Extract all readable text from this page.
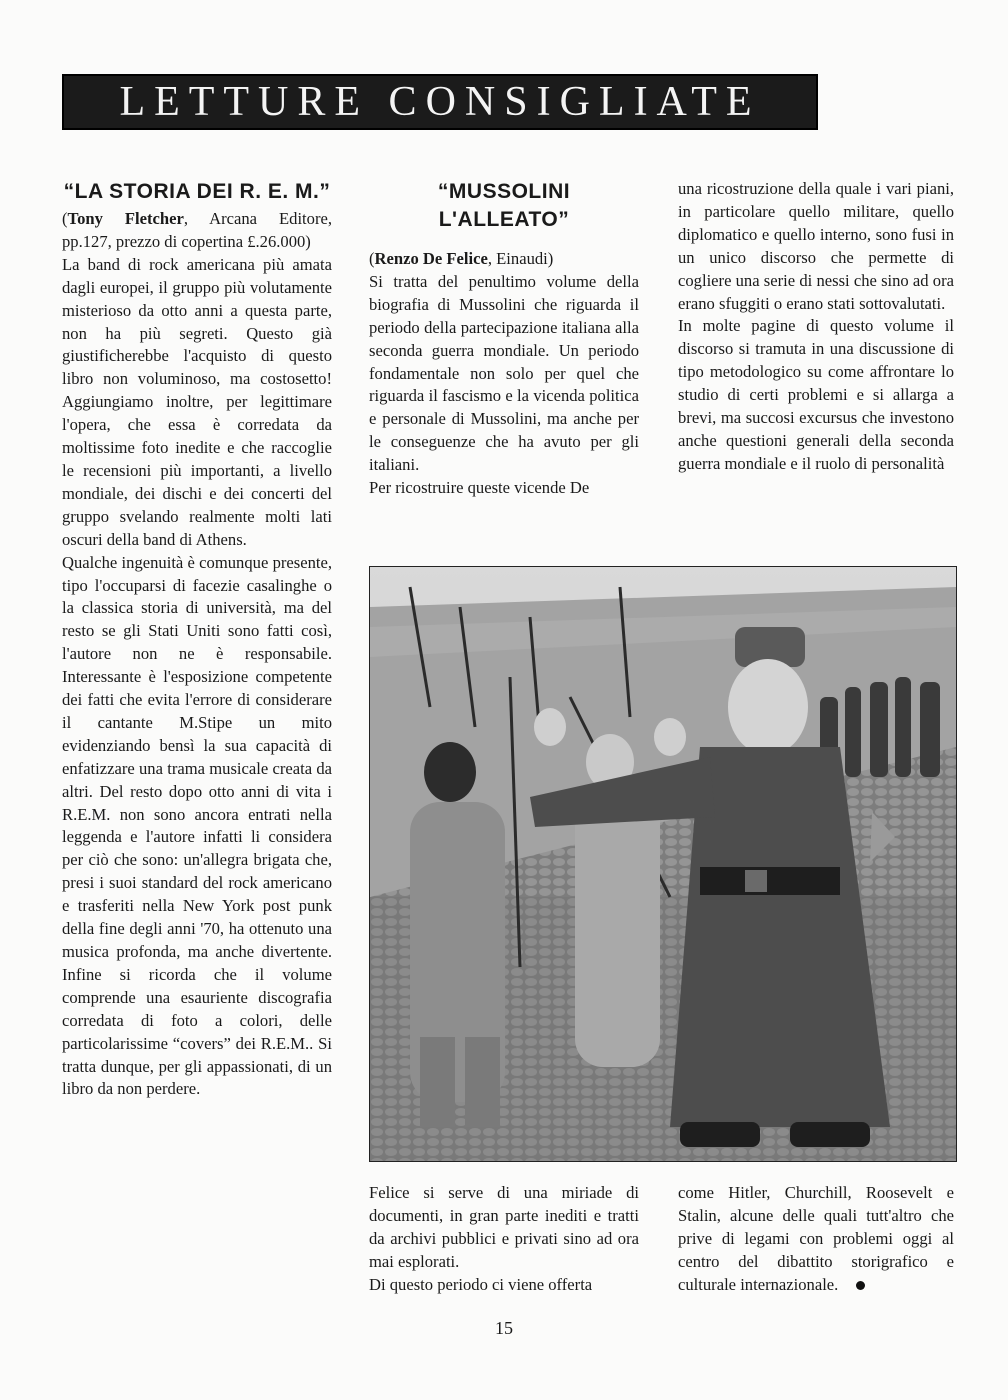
LETTURE CONSIGLIATE
“LA STORIA DEI R. E. M.”

(Tony Fletcher, Arcana Editore, pp.127, prezzo di copertina £.26.000)

La band di rock americana più amata dagli europei, il gruppo più volutamente misterioso da otto anni a questa parte, non ha più segreti. Questo già giustificherebbe l'acquisto di questo libro non voluminoso, ma costosetto! Aggiungiamo inoltre, per legittimare l'opera, che essa è corredata da moltissime foto inedite e che raccoglie le recensioni più importanti, a livello mondiale, dei dischi e dei concerti del gruppo svelando realmente molti lati oscuri della band di Athens.

Qualche ingenuità è comunque presente, tipo l'occuparsi di facezie casalinghe o la classica storia di università, ma del resto se gli Stati Uniti sono fatti così, l'autore non ne è responsabile. Interessante è l'esposizione competente dei fatti che evita l'errore di considerare il cantante M.Stipe un mito evidenziando bensì la sua capacità di enfatizzare una trama musicale creata da altri. Del resto dopo otto anni di vita i R.E.M. non sono ancora entrati nella leggenda e l'autore infatti li considera per ciò che sono: un'allegra brigata che, presi i suoi standard del rock americano e trasferiti nella New York post punk della fine degli anni '70, ha ottenuto una musica profonda, ma anche divertente. Infine si ricorda che il volume comprende una esauriente discografia corredata di foto a colori, delle particolarissime “covers” dei R.E.M.. Si tratta dunque, per gli appassionati, di un libro da non perdere.

“MUSSOLINI L'ALLEATO”

(Renzo De Felice, Einaudi)

Si tratta del penultimo volume della biografia di Mussolini che riguarda il periodo della partecipazione italiana alla seconda guerra mondiale. Un periodo fondamentale non solo per quel che riguarda il fascismo e la vicenda politica e personale di Mussolini, ma anche per le conseguenze che ha avuto per gli italiani.

Per ricostruire queste vicende De

una ricostruzione della quale i vari piani, in particolare quello militare, quello diplomatico e quello interno, sono fusi in un unico discorso che permette di cogliere una serie di nessi che sino ad ora erano sfuggiti o erano stati sottovalutati.

In molte pagine di questo volume il discorso si tramuta in una discussione di tipo metodologico su come affrontare lo studio di certi problemi e si allarga a brevi, ma succosi excursus che investono anche questioni generali della seconda guerra mondiale e il ruolo di personalità

Felice si serve di una miriade di documenti, in gran parte inediti e tratti da archivi pubblici e privati sino ad ora mai esplorati.

Di questo periodo ci viene offerta

come Hitler, Churchill, Roosevelt e Stalin, alcune delle quali tutt'altro che prive di legami con problemi oggi al centro del dibattito storigrafico e culturale internazionale.

15
